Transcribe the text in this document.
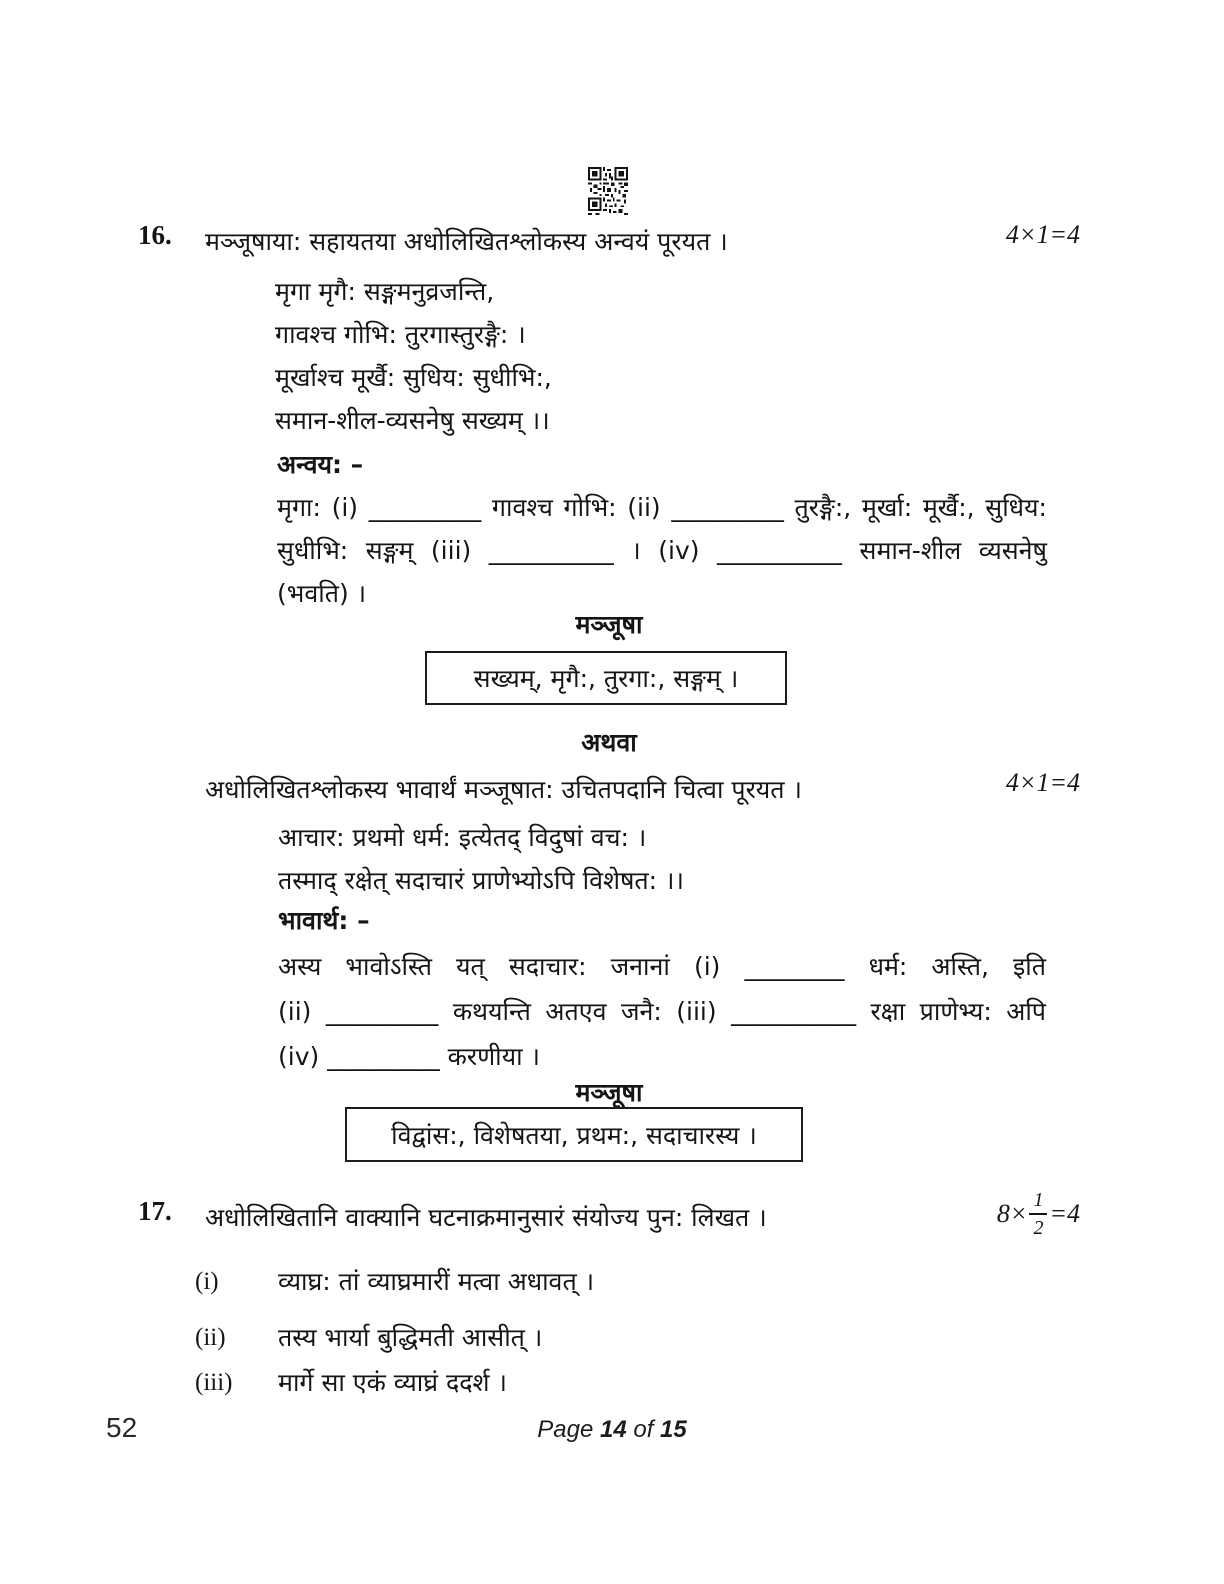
16.	मञ्जूषाया: सहायतया अधोलिखितश्लोकस्य अन्वयं पूरयत ।	4×1=4
मृगा मृगै: सङ्गमनुव्रजन्ति,
गावश्च गोभि: तुरगास्तुरङ्गै: ।
मूर्खाश्च मूर्खै: सुधिय: सुधीभि:,
समान-शील-व्यसनेषु सख्यम् ।।
अन्वय: –
मृगा: (i) _________ गावश्च गोभि: (ii) _________ तुरङ्गै:, मूर्खा: मूर्खै:, सुधिय:
सुधीभि: सङ्गम् (iii) __________ । (iv) __________ समान-शील व्यसनेषु
(भवति) ।
मञ्जूषा
सख्यम्, मृगै:, तुरगा:, सङ्गम् ।
अथवा
अधोलिखितश्लोकस्य भावार्थं मञ्जूषात: उचितपदानि चित्वा पूरयत ।	4×1=4
आचार: प्रथमो धर्म: इत्येतद् विदुषां वच: ।
तस्माद् रक्षेत् सदाचारं प्राणेभ्योऽपि विशेषत: ।।
भावार्थ: –
अस्य भावोऽस्ति यत् सदाचार: जनानां (i) ________ धर्म: अस्ति, इति
(ii) _________ कथयन्ति अतएव जनै: (iii) __________ रक्षा प्राणेभ्य: अपि
(iv) _________ करणीया ।
मञ्जूषा
विद्वांस:, विशेषतया, प्रथम:, सदाचारस्य ।
17.	अधोलिखितानि वाक्यानि घटनाक्रमानुसारं संयोज्य पुन: लिखत ।	$8\times \frac{1}{2} =4$
(i)	व्याघ्र: तां व्याघ्रमारीं मत्वा अधावत् ।
(ii)	तस्य भार्या बुद्धिमती आसीत् ।
(iii)	मार्गे सा एकं व्याघ्रं ददर्श ।
52	Page 14 of 15
